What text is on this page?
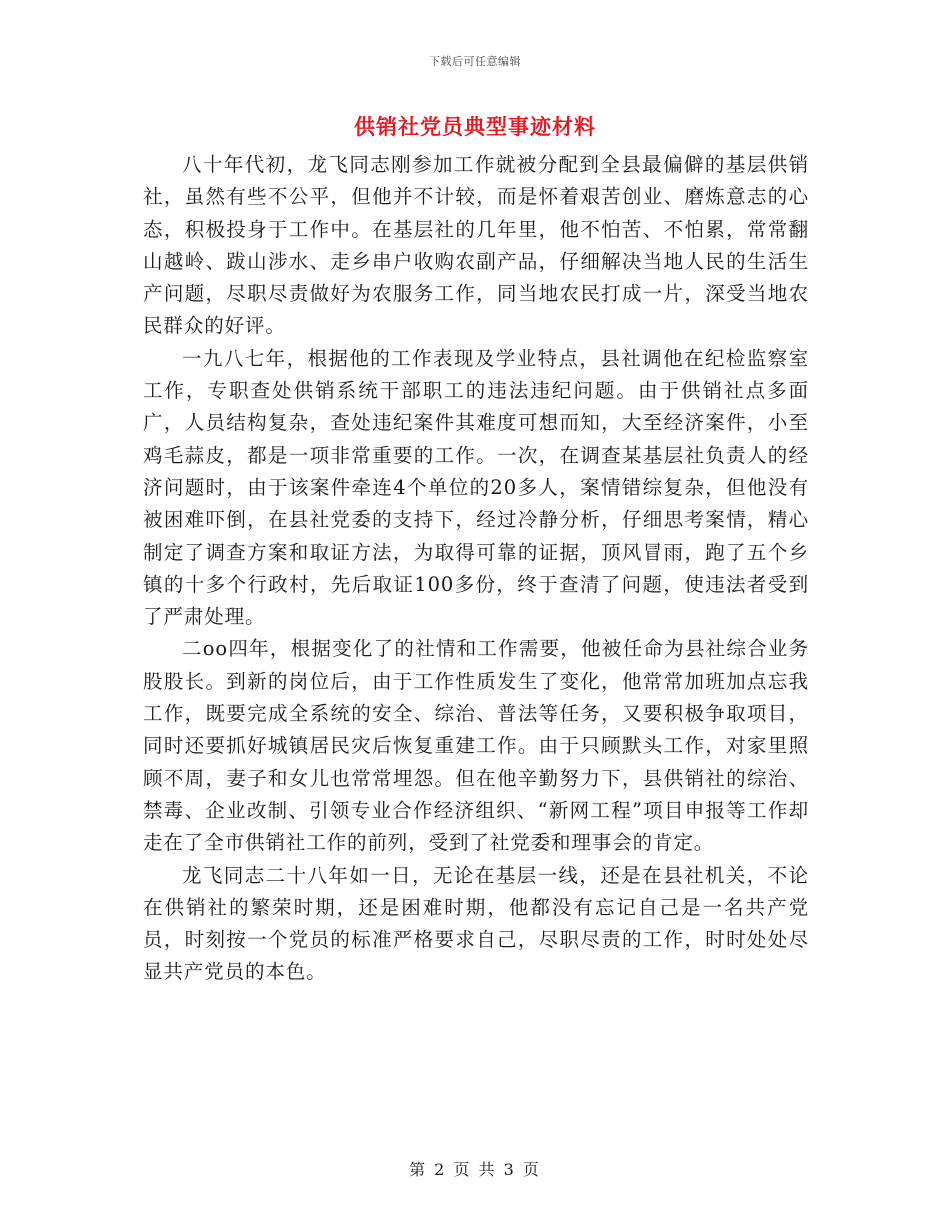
下载后可任意编辑
供销社党员典型事迹材料

八十年代初，龙飞同志刚参加工作就被分配到全县最偏僻的基层供销社，虽然有些不公平，但他并不计较，而是怀着艰苦创业、磨炼意志的心态，积极投身于工作中。在基层社的几年里，他不怕苦、不怕累，常常翻山越岭、跋山涉水、走乡串户收购农副产品，仔细解决当地人民的生活生产问题，尽职尽责做好为农服务工作，同当地农民打成一片，深受当地农民群众的好评。

一九八七年，根据他的工作表现及学业特点，县社调他在纪检监察室工作，专职查处供销系统干部职工的违法违纪问题。由于供销社点多面广，人员结构复杂，查处违纪案件其难度可想而知，大至经济案件，小至鸡毛蒜皮，都是一项非常重要的工作。一次，在调查某基层社负责人的经济问题时，由于该案件牵连4个单位的20多人，案情错综复杂，但他没有被困难吓倒，在县社党委的支持下，经过冷静分析，仔细思考案情，精心制定了调查方案和取证方法，为取得可靠的证据，顶风冒雨，跑了五个乡镇的十多个行政村，先后取证100多份，终于查清了问题，使违法者受到了严肃处理。

二oo四年，根据变化了的社情和工作需要，他被任命为县社综合业务股股长。到新的岗位后，由于工作性质发生了变化，他常常加班加点忘我工作，既要完成全系统的安全、综治、普法等任务，又要积极争取项目，同时还要抓好城镇居民灾后恢复重建工作。由于只顾默头工作，对家里照顾不周，妻子和女儿也常常埋怨。但在他辛勤努力下，县供销社的综治、禁毒、企业改制、引领专业合作经济组织、“新网工程”项目申报等工作却走在了全市供销社工作的前列，受到了社党委和理事会的肯定。

龙飞同志二十八年如一日，无论在基层一线，还是在县社机关，不论在供销社的繁荣时期，还是困难时期，他都没有忘记自己是一名共产党员，时刻按一个党员的标准严格要求自己，尽职尽责的工作，时时处处尽显共产党员的本色。

第 2 页 共 3 页
